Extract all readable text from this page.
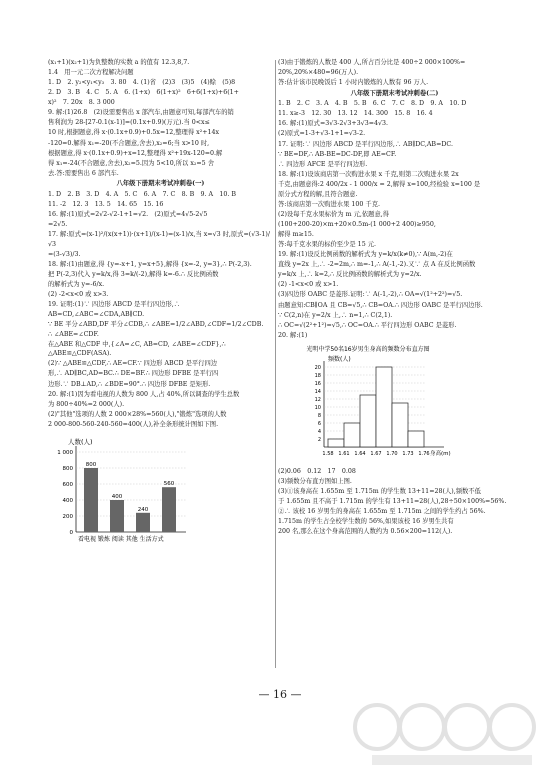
(x₁+1)(x₂+1)为负整数的实数 a 的值有 12.3,8,7.
1.4　用一元二次方程解决问题
1. D　2. y₂<y₁<y₃　3. 80　4. (1)省　(2)3　(3)5　(4)赊　(5)8
2. D　3. B　4. C　5. A　6. (1+x)　6(1+x)²　6+6(1+x)+6(1+
x)²　7. 20x　8. 3 000
9. 解:(1)26.8　(2)设需要售出 x 部汽车,由题意可知,每部汽车的销
售利润为 28-[27-0.1(x-1)]=(0.1x+0.9)(万元).当 0<x≤
10 时,根据题意,得 x·(0.1x+0.9)+0.5x=12,整理得 x²+14x
-120=0.解得 x₁=-20(不合题意,舍去),x₂=6;当 x>10 时,
根据题意,得 x·(0.1x+0.9)+x=12,整理得 x²+19x-120=0.解
得 x₁=-24(不合题意,舍去),x₂=5.因为 5<10,所以 x₂=5 舍
去.答:需要售出 6 部汽车.
八年级下册期末考试冲刺卷(一)
1. D　2. B　3. D　4. A　5. C　6. A　7. C　8. B　9. A　10. B
11. -2　12. 3　13. 5　14. 65　15. 16
16. 解:(1)原式=2√2-√2-1+1=√2.　(2)原式=4√5-2√5
=2√5.
17. 解:原式=(x-1)²/(x(x+1))·(x+1)/(x-1)=(x-1)/x,当 x=√3 时,原式=(√3-1)/√3
=(3-√3)/3.
18. 解:(1)由题意,得 {y=-x+1, y=x+5},解得 {x=-2, y=3},∴ P(-2,3).
把 P(-2,3)代入 y=k/x,得 3=k/(-2),解得 k=-6.∴ 反比例函数
的解析式为 y=-6/x.
(2) -2<x<0 或 x>3.
19. 证明:(1)∵ 四边形 ABCD 是平行四边形,∴ AB=CD,∠ABC=∠CDA,AB∥CD.
∵ BE 平分∠ABD,DF 平分∠CDB,∴ ∠ABE=1/2∠ABD,∠CDF=1/2∠CDB.
∴ ∠ABE=∠CDF.
在△ABE 和△CDF 中,{∠A=∠C, AB=CD, ∠ABE=∠CDF},∴ △ABE≌△CDF(ASA).
(2)∵ △ABE≌△CDF,∴ AE=CF.∵ 四边形 ABCD 是平行四边
形,∴ AD∥BC,AD=BC.∴ DE=BF.∴ 四边形 DFBE 是平行四
边形.∵ DB⊥AD,∴ ∠BDE=90°.∴ 四边形 DFBE 是矩形.
20. 解:(1)因为看电视的人数为 800 人,占 40%,所以调查的学生总数
为 800÷40%=2 000(人).
(2)"其他"选项的人数 2 000×28%=560(人),"锻炼"选项的人数
2 000-800-560-240-560=400(人),补全条形统计图如下图.
人数(人)
1 000
800
600
400
200
0
800
400
240
560
看电视 锻炼 阅读 其他 生活方式
(3)由于锻炼的人数是 400 人,所占百分比是 400÷2 000×100%=
20%,20%×480=96(万人).
答:估计该市民晚饭后 1 小时内锻炼的人数有 96 万人.
八年级下册期末考试冲刺卷(二)
1. B　2. C　3. A　4. B　5. B　6. C　7. C　8. D　9. A　10. D
11. x≥-3　12. 30　13. 12　14. 300　15. 8　16. 4
16. 解:(1)原式=3√3-2√3+3√3=4√3.
(2)原式=1-3+√3-1+1=√3-2.
17. 证明:∵ 四边形 ABCD 是平行四边形,∴ AB∥DC,AB=DC.
∵ BE=DF,∴ AB-BE=DC-DF,即 AE=CF.
∴ 四边形 AFCE 是平行四边形.
18. 解:(1)设该商店第一次购进水果 x 千克,则第二次购进水果 2x
千克,由题意得:2 400/2x - 1 000/x = 2,解得 x=100,经检验 x=100 是
原分式方程的解,且符合题意.
答:该商店第一次购进水果 100 千克.
(2)设每千克水果标价为 m 元,依题意,得
(100+200-20)×m+20×0.5m-(1 000+2 400)≥950,
解得 m≥15.
答:每千克水果的标价至少是 15 元.
19. 解:(1)设反比例函数的解析式为 y=k/x(k≠0),∵ A(m,-2)在
直线 y=2x 上,∴ -2=2m,∴ m=-1,∴ A(-1,-2).又∵ 点 A 在反比例函数
y=k/x 上,∴ k=2,∴ 反比例函数的解析式为 y=2/x.
(2) -1<x<0 或 x>1.
(3)四边形 OABC 是菱形.证明:∵ A(-1,-2),∴ OA=√(1²+2²)=√5.
由题意知:CB∥OA 且 CB=√5,∴ CB=OA.∴ 四边形 OABC 是平行四边形.
∵ C(2,n)在 y=2/x 上,∴ n=1,∴ C(2,1).
∴ OC=√(2²+1²)=√5,∴ OC=OA.∴ 平行四边形 OABC 是菱形.
20. 解:(1)
光明中学50名16岁男生身高的频数分布直方图
频数(人)
20
18
16
14
12
10
8
6
4
2
1.58 1.61 1.64 1.67 1.70 1.73 1.76 身高(m)
(2)0.06　0.12　17　0.08
(3)频数分布直方图如上图.
(3)①该身高在 1.655m 至 1.715m 的学生数 13+11=28(人),频数不低
于 1.655m 且不高于 1.715m 的学生有 13+11=28(人),28÷50×100%=56%.
②∴ 该校 16 岁男生的身高在 1.655m 至 1.715m 之间的学生约占 56%.
1.715m 的学生占全校学生数的 56%,如果该校 16 岁男生共有
200 名,那么在这个身高范围的人数约为 0.56×200=112(人).
— 16 —
